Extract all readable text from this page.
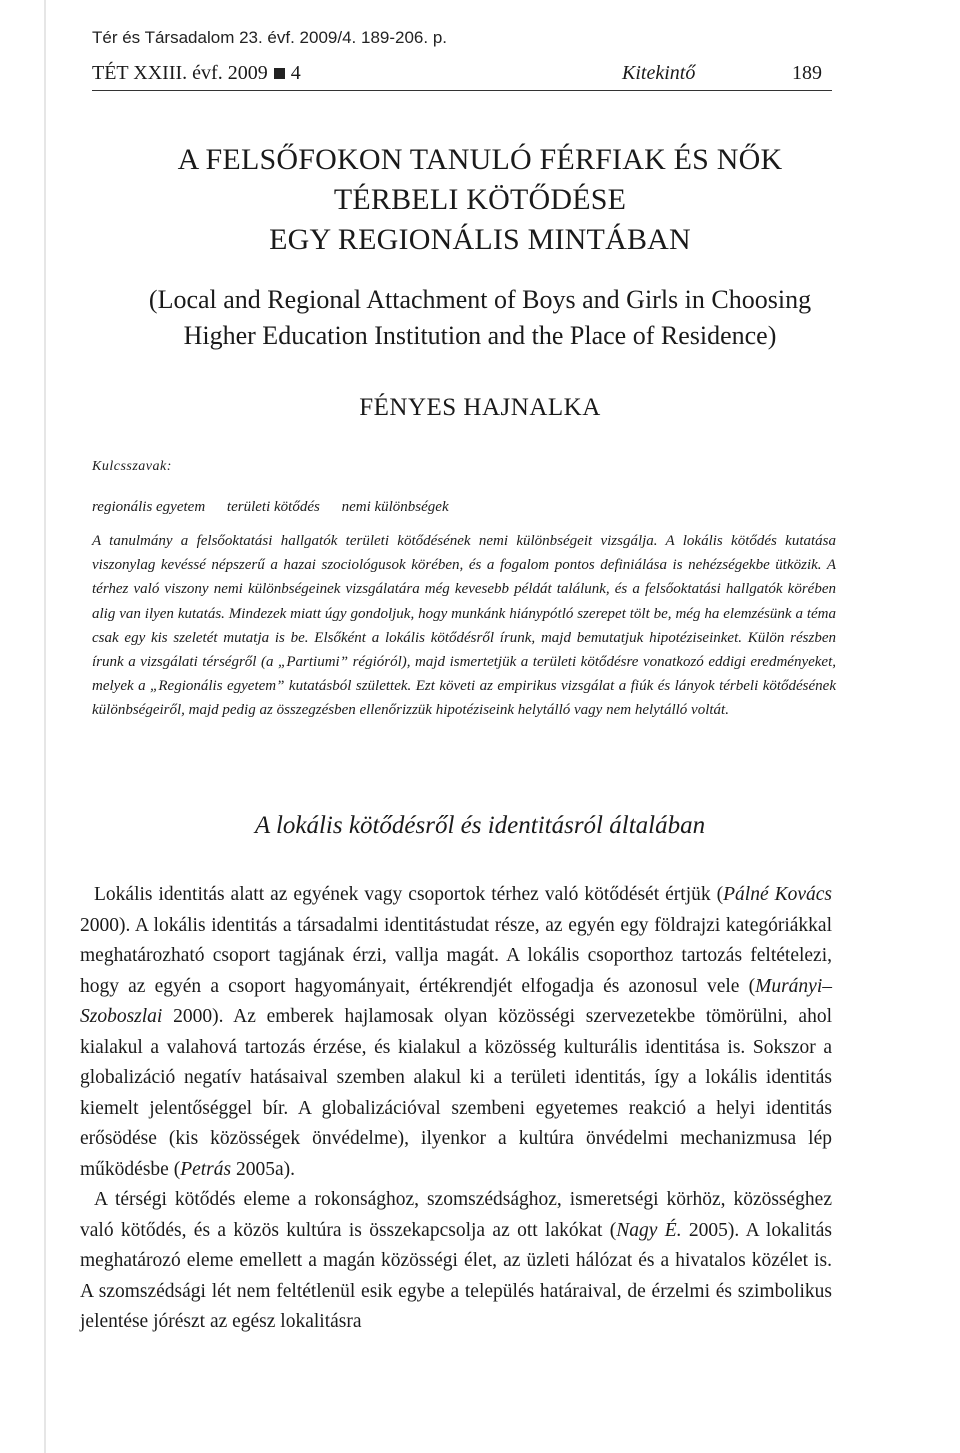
Tér és Társadalom 23. évf. 2009/4. 189-206. p.
TÉT XXIII. évf. 2009 4	Kitekintő	189
A FELSŐFOKON TANULÓ FÉRFIAK ÉS NŐK
TÉRBELI KÖTŐDÉSE
EGY REGIONÁLIS MINTÁBAN
(Local and Regional Attachment of Boys and Girls in Choosing
Higher Education Institution and the Place of Residence)
FÉNYES HAJNALKA
Kulcsszavak:
regionális egyetem területi kötődés nemi különbségek
A tanulmány a felsőoktatási hallgatók területi kötődésének nemi különbségeit vizsgálja. A lokális kötődés kutatása viszonylag kevéssé népszerű a hazai szociológusok körében, és a fogalom pontos definiálása is nehézségekbe ütközik. A térhez való viszony nemi különbségeinek vizsgálatára még kevesebb példát találunk, és a felsőoktatási hallgatók körében alig van ilyen kutatás. Mindezek miatt úgy gondoljuk, hogy munkánk hiánypótló szerepet tölt be, még ha elemzésünk a téma csak egy kis szeletét mutatja is be. Elsőként a lokális kötődésről írunk, majd bemutatjuk hipotéziseinket. Külön részben írunk a vizsgálati térségről (a „Partiumi” régióról), majd ismertetjük a területi kötődésre vonatkozó eddigi eredményeket, melyek a „Regionális egyetem” kutatásból születtek. Ezt követi az empirikus vizsgálat a fiúk és lányok térbeli kötődésének különbségeiről, majd pedig az összegzésben ellenőrizzük hipotéziseink helytálló vagy nem helytálló voltát.
A lokális kötődésről és identitásról általában

Lokális identitás alatt az egyének vagy csoportok térhez való kötődését értjük (Pálné Kovács 2000). A lokális identitás a társadalmi identitástudat része, az egyén egy földrajzi kategóriákkal meghatározható csoport tagjának érzi, vallja magát. A lokális csoporthoz tartozás feltételezi, hogy az egyén a csoport hagyományait, értékrendjét elfogadja és azonosul vele (Murányi–Szoboszlai 2000). Az emberek hajlamosak olyan közösségi szervezetekbe tömörülni, ahol kialakul a valahová tartozás érzése, és kialakul a közösség kulturális identitása is. Sokszor a globalizáció negatív hatásaival szemben alakul ki a területi identitás, így a lokális identitás kiemelt jelentőséggel bír. A globalizációval szembeni egyetemes reakció a helyi identitás erősödése (kis közösségek önvédelme), ilyenkor a kultúra önvédelmi mechanizmusa lép működésbe (Petrás 2005a).

A térségi kötődés eleme a rokonsághoz, szomszédsághoz, ismeretségi körhöz, közösséghez való kötődés, és a közös kultúra is összekapcsolja az ott lakókat (Nagy É. 2005). A lokalitás meghatározó eleme emellett a magán közösségi élet, az üzleti hálózat és a hivatalos közélet is. A szomszédsági lét nem feltétlenül esik egybe a település határaival, de érzelmi és szimbolikus jelentése jórészt az egész lokalitásra
